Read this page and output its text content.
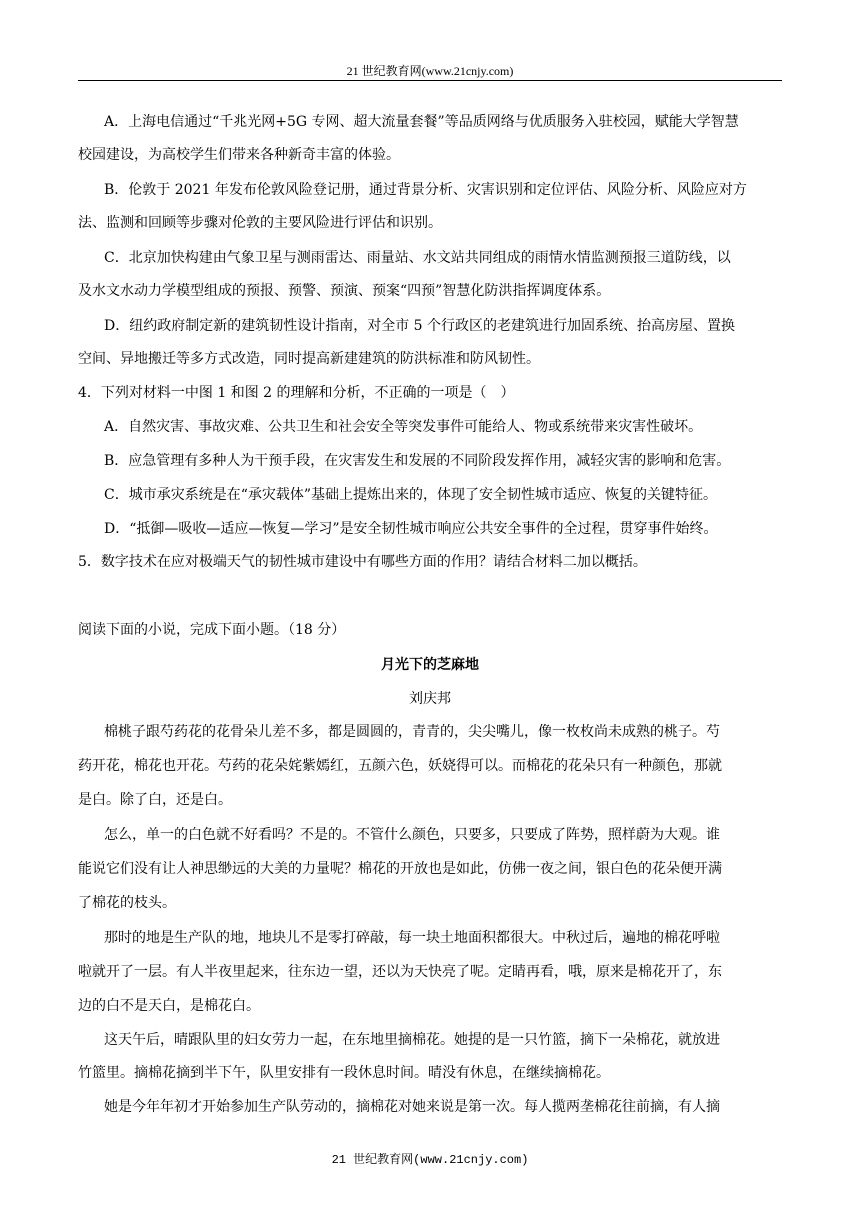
21 世纪教育网(www.21cnjy.com)
A．上海电信通过“千兆光网+5G 专网、超大流量套餐”等品质网络与优质服务入驻校园，赋能大学智慧
校园建设，为高校学生们带来各种新奇丰富的体验。
B．伦敦于 2021 年发布伦敦风险登记册，通过背景分析、灾害识别和定位评估、风险分析、风险应对方
法、监测和回顾等步骤对伦敦的主要风险进行评估和识别。
C．北京加快构建由气象卫星与测雨雷达、雨量站、水文站共同组成的雨情水情监测预报三道防线，以
及水文水动力学模型组成的预报、预警、预演、预案“四预”智慧化防洪指挥调度体系。
D．纽约政府制定新的建筑韧性设计指南，对全市 5 个行政区的老建筑进行加固系统、抬高房屋、置换
空间、异地搬迁等多方式改造，同时提高新建建筑的防洪标准和防风韧性。
4．下列对材料一中图 1 和图 2 的理解和分析，不正确的一项是（　）
A．自然灾害、事故灾难、公共卫生和社会安全等突发事件可能给人、物或系统带来灾害性破坏。
B．应急管理有多种人为干预手段，在灾害发生和发展的不同阶段发挥作用，减轻灾害的影响和危害。
C．城市承灾系统是在“承灾载体”基础上提炼出来的，体现了安全韧性城市适应、恢复的关键特征。
D．“抵御—吸收—适应—恢复—学习”是安全韧性城市响应公共安全事件的全过程，贯穿事件始终。
5．数字技术在应对极端天气的韧性城市建设中有哪些方面的作用？请结合材料二加以概括。
阅读下面的小说，完成下面小题。（18 分）
月光下的芝麻地
刘庆邦
棉桃子跟芍药花的花骨朵儿差不多，都是圆圆的，青青的，尖尖嘴儿，像一枚枚尚未成熟的桃子。芍
药开花，棉花也开花。芍药的花朵姹紫嫣红，五颜六色，妖娆得可以。而棉花的花朵只有一种颜色，那就
是白。除了白，还是白。
怎么，单一的白色就不好看吗？不是的。不管什么颜色，只要多，只要成了阵势，照样蔚为大观。谁
能说它们没有让人神思缈远的大美的力量呢？棉花的开放也是如此，仿佛一夜之间，银白色的花朵便开满
了棉花的枝头。
那时的地是生产队的地，地块儿不是零打碎敲，每一块土地面积都很大。中秋过后，遍地的棉花呼啦
啦就开了一层。有人半夜里起来，往东边一望，还以为天快亮了呢。定睛再看，哦，原来是棉花开了，东
边的白不是天白，是棉花白。
这天午后，晴跟队里的妇女劳力一起，在东地里摘棉花。她提的是一只竹篮，摘下一朵棉花，就放进
竹篮里。摘棉花摘到半下午，队里安排有一段休息时间。晴没有休息，在继续摘棉花。
她是今年年初才开始参加生产队劳动的，摘棉花对她来说是第一次。每人揽两垄棉花往前摘，有人摘
21 世纪教育网(www.21cnjy.com)
